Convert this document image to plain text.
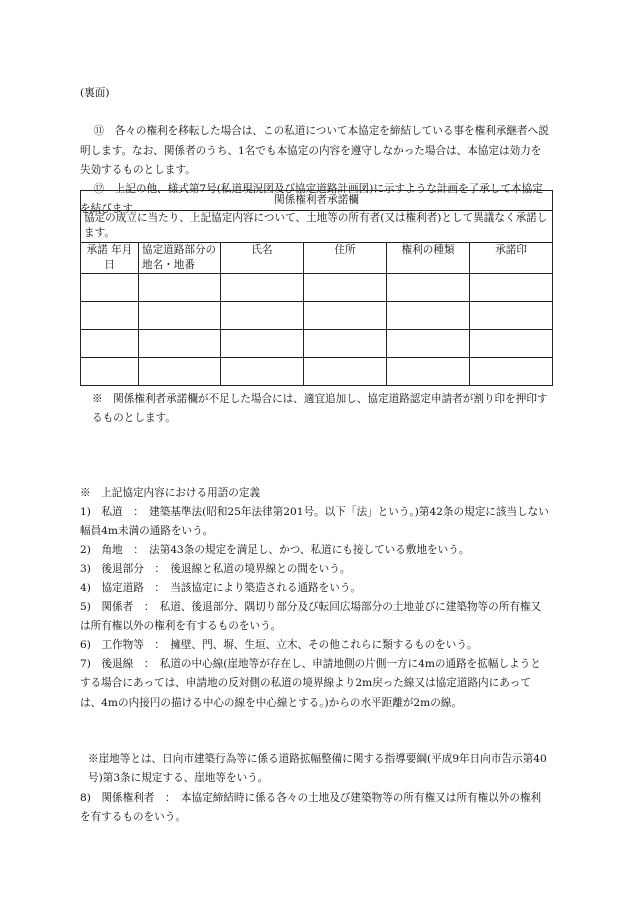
(裏面)

⑪　各々の権利を移転した場合は、この私道について本協定を締結している事を権利承継者へ説明します。なお、関係者のうち、1名でも本協定の内容を遵守しなかった場合は、本協定は効力を失効するものとします。

⑫　上記の他、様式第7号(私道現況図及び協定道路計画図)に示すような計画を了承して本協定を結びます。

関係権利者承諾欄					
協定の成立に当たり、上記協定内容について、土地等の所有者(又は権利者)として異議なく承諾します。					
承諾 年月日	協定道路部分の地名・地番	氏名	住所	権利の種類	承諾印

※　関係権利者承諾欄が不足した場合には、適宜追加し、協定道路認定申請者が割り印を押印するものとします。
※　上記協定内容における用語の定義
1)　私道　：　建築基準法(昭和25年法律第201号。以下「法」という。)第42条の規定に該当しない幅員4m未満の通路をいう。
2)　角地　：　法第43条の規定を満足し、かつ、私道にも接している敷地をいう。
3)　後退部分　：　後退線と私道の境界線との間をいう。
4)　協定道路　：　当該協定により築造される通路をいう。
5)　関係者　：　私道、後退部分、隅切り部分及び転回広場部分の土地並びに建築物等の所有権又は所有権以外の権利を有するものをいう。
6)　工作物等　：　擁壁、門、塀、生垣、立木、その他これらに類するものをいう。
7)　後退線　：　私道の中心線(崖地等が存在し、申請地側の片側一方に4mの通路を拡幅しようとする場合にあっては、申請地の反対側の私道の境界線より2m戻った線又は協定道路内にあっては、4mの内接円の描ける中心の線を中心線とする。)からの水平距離が2mの線。
※崖地等とは、日向市建築行為等に係る道路拡幅整備に関する指導要綱(平成9年日向市告示第40号)第3条に規定する、崖地等をいう。
8)　関係権利者　：　本協定締結時に係る各々の土地及び建築物等の所有権又は所有権以外の権利を有するものをいう。
